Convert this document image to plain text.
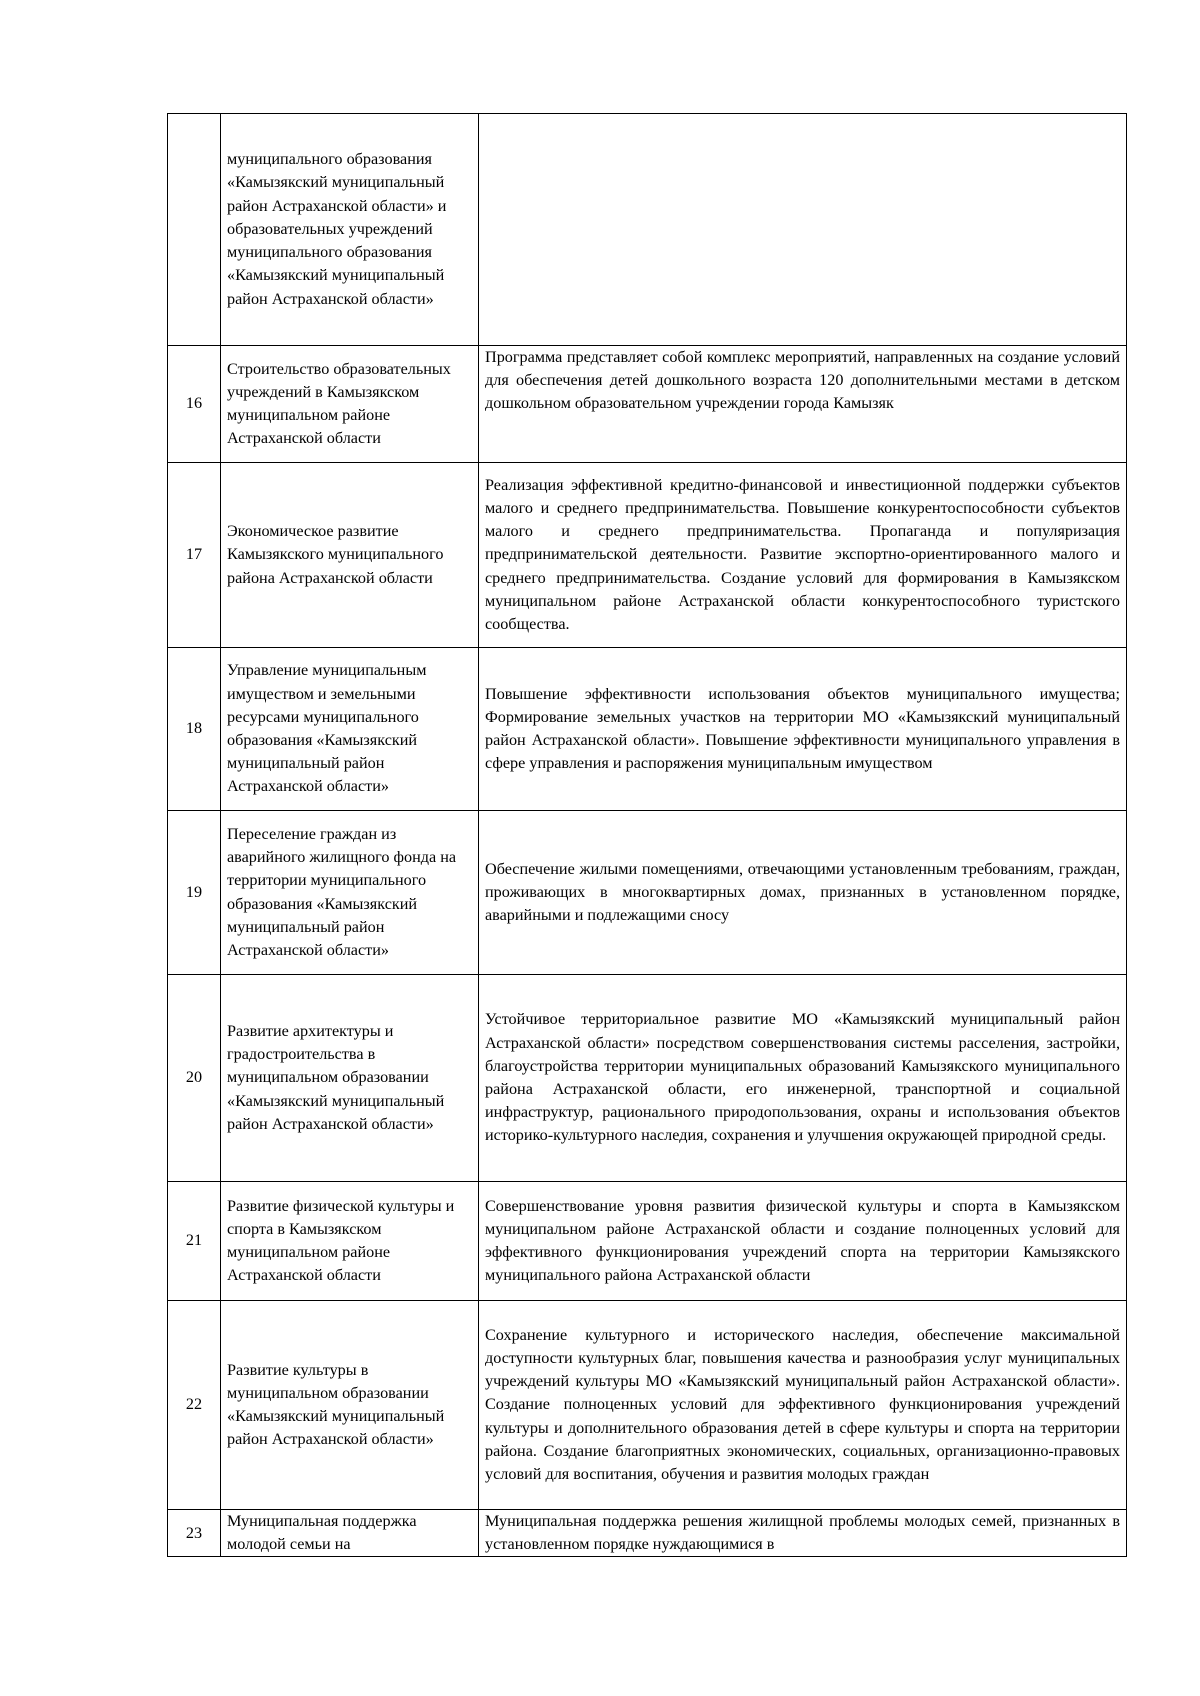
	муниципального образования «Камызякский муниципальный район Астраханской области» и образовательных учреждений муниципального образования «Камызякский муниципальный район Астраханской области»	
16	Строительство образовательных учреждений в Камызякском муниципальном районе Астраханской области	Программа представляет собой комплекс мероприятий, направленных на создание условий для обеспечения детей дошкольного возраста 120 дополнительными местами в детском дошкольном образовательном учреждении города Камызяк
17	Экономическое развитие Камызякского муниципального района Астраханской области	Реализация эффективной кредитно-финансовой и инвестиционной поддержки субъектов малого и среднего предпринимательства. Повышение конкурентоспособности субъектов малого и среднего предпринимательства. Пропаганда и популяризация предпринимательской деятельности. Развитие экспортно-ориентированного малого и среднего предпринимательства. Создание условий для формирования в Камызякском муниципальном районе Астраханской области конкурентоспособного туристского сообщества.
18	Управление муниципальным имуществом и земельными ресурсами муниципального образования «Камызякский муниципальный район Астраханской области»	Повышение эффективности использования объектов муниципального имущества; Формирование земельных участков на территории МО «Камызякский муниципальный район Астраханской области». Повышение эффективности муниципального управления в сфере управления и распоряжения муниципальным имуществом
19	Переселение граждан из аварийного жилищного фонда на территории муниципального образования «Камызякский муниципальный район Астраханской области»	Обеспечение жилыми помещениями, отвечающими установленным требованиям, граждан, проживающих в многоквартирных домах, признанных в установленном порядке, аварийными и подлежащими сносу
20	Развитие архитектуры и градостроительства в муниципальном образовании «Камызякский муниципальный район Астраханской области»	Устойчивое территориальное развитие МО «Камызякский муниципальный район Астраханской области» посредством совершенствования системы расселения, застройки, благоустройства территории муниципальных образований Камызякского муниципального района Астраханской области, его инженерной, транспортной и социальной инфраструктур, рационального природопользования, охраны и использования объектов историко-культурного наследия, сохранения и улучшения окружающей природной среды.
21	Развитие физической культуры и спорта в Камызякском муниципальном районе Астраханской области	Совершенствование уровня развития физической культуры и спорта в Камызякском муниципальном районе Астраханской области и создание полноценных условий для эффективного функционирования учреждений спорта на территории Камызякского муниципального района Астраханской области
22	Развитие культуры в муниципальном образовании «Камызякский муниципальный район Астраханской области»	Сохранение культурного и исторического наследия, обеспечение максимальной доступности культурных благ, повышения качества и разнообразия услуг муниципальных учреждений культуры МО «Камызякский муниципальный район Астраханской области». Создание полноценных условий для эффективного функционирования учреждений культуры и дополнительного образования детей в сфере культуры и спорта на территории района. Создание благоприятных экономических, социальных, организационно-правовых условий для воспитания, обучения и развития молодых граждан
23	Муниципальная поддержка молодой семьи на	Муниципальная поддержка решения жилищной проблемы молодых семей, признанных в установленном порядке нуждающимися в
